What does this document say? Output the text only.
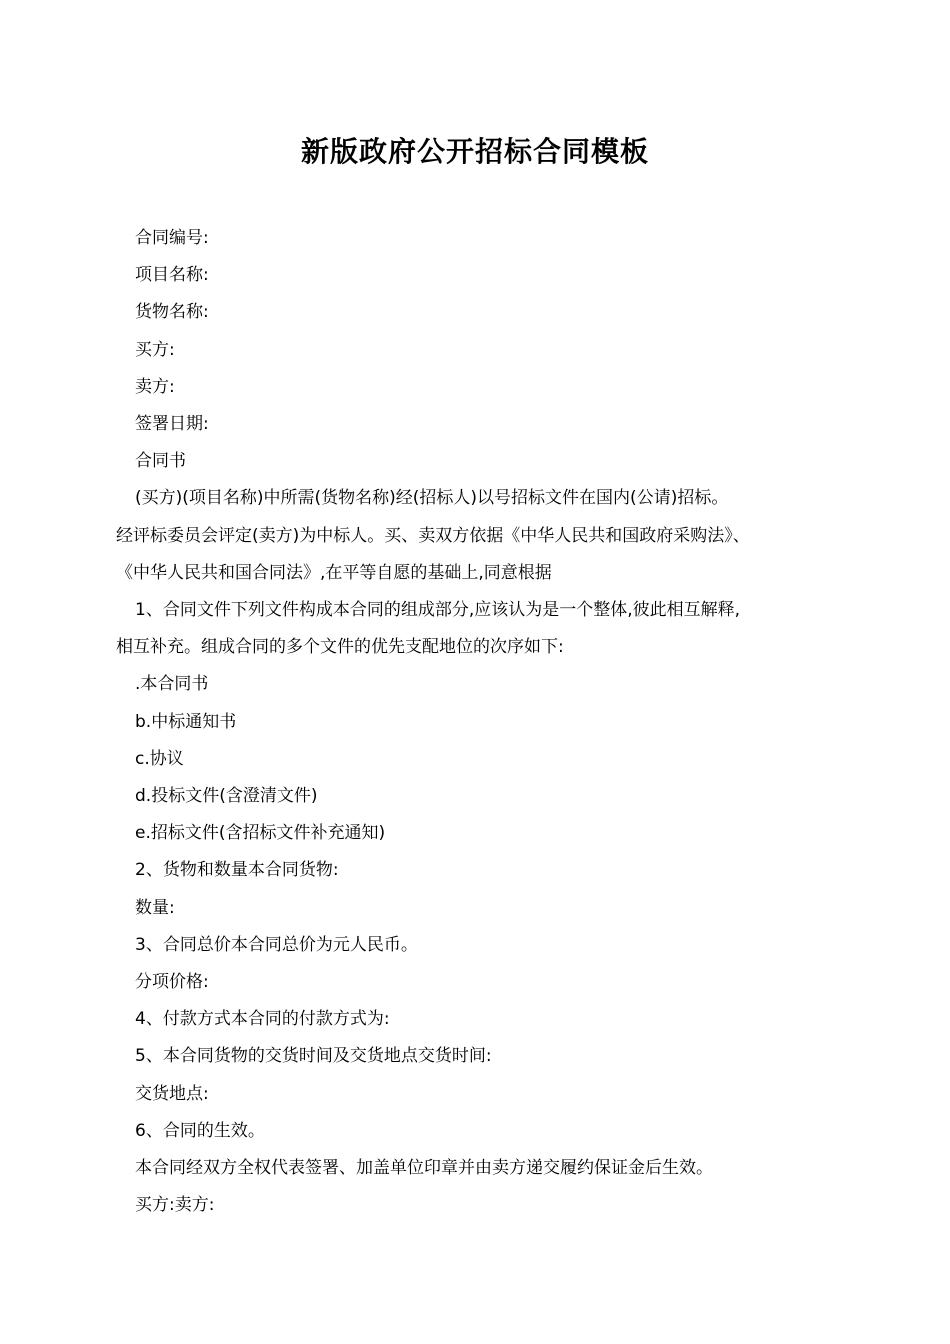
新版政府公开招标合同模板

合同编号:

项目名称:

货物名称:

买方:

卖方:

签署日期:

合同书

(买方)(项目名称)中所需(货物名称)经(招标人)以号招标文件在国内(公请)招标。

经评标委员会评定(卖方)为中标人。买、卖双方依据《中华人民共和国政府采购法》、

《中华人民共和国合同法》,在平等自愿的基础上,同意根据

1、合同文件下列文件构成本合同的组成部分,应该认为是一个整体,彼此相互解释,

相互补充。组成合同的多个文件的优先支配地位的次序如下:

.本合同书

b.中标通知书

c.协议

d.投标文件(含澄清文件)

e.招标文件(含招标文件补充通知)

2、货物和数量本合同货物:

数量:

3、合同总价本合同总价为元人民币。

分项价格:

4、付款方式本合同的付款方式为:

5、本合同货物的交货时间及交货地点交货时间:

交货地点:

6、合同的生效。

本合同经双方全权代表签署、加盖单位印章并由卖方递交履约保证金后生效。

买方:卖方:
